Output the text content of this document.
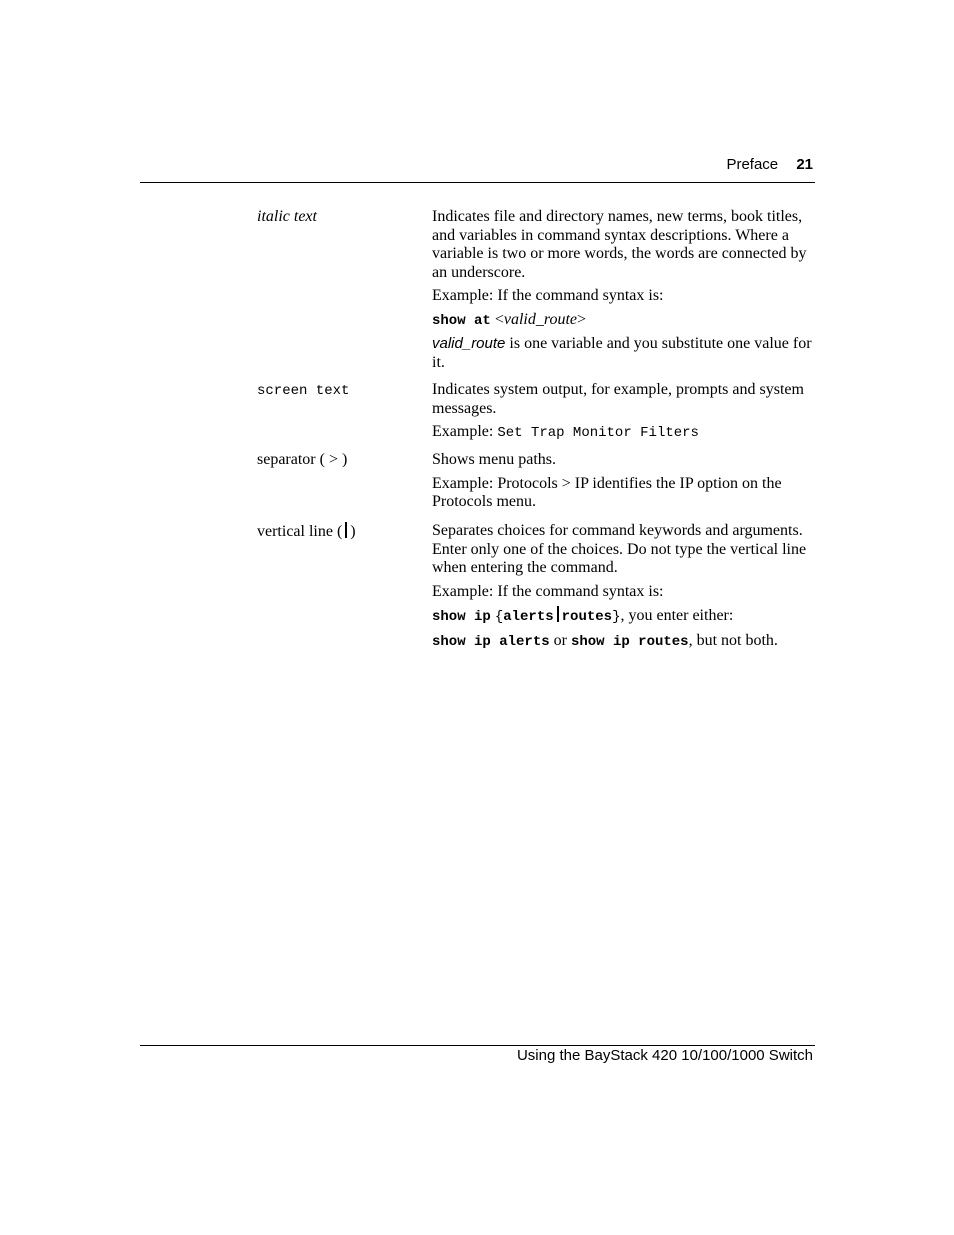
Preface 21
italic text	Indicates file and directory names, new terms, book titles, and variables in command syntax descriptions. Where a variable is two or more words, the words are connected by an underscore.

Example: If the command syntax is:

show at <valid_route>

valid_route is one variable and you substitute one value for it.

screen text	Indicates system output, for example, prompts and system messages.

Example: Set Trap Monitor Filters

separator ( > )	Shows menu paths.

Example: Protocols > IP identifies the IP option on the Protocols menu.

vertical line ( )	Separates choices for command keywords and arguments. Enter only one of the choices. Do not type the vertical line when entering the command.

Example: If the command syntax is:

show ip {alerts routes}, you enter either:

show ip alerts or show ip routes, but not both.

Using the BayStack 420 10/100/1000 Switch
